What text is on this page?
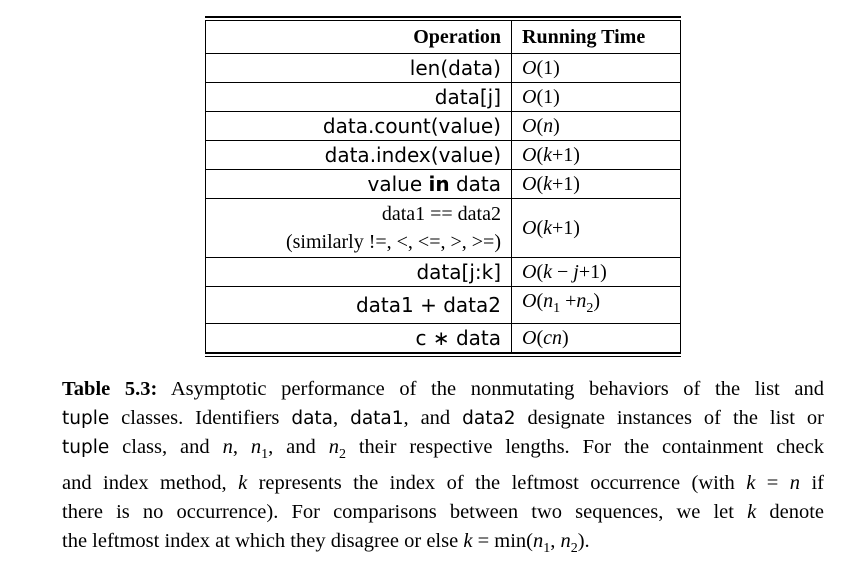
Operation	Running Time
len(data)	O(1)
data[j]	O(1)
data.count(value)	O(n)
data.index(value)	O(k+1)
value in data	O(k+1)

data1 == data2
(similarly !=, <, <=, >, >=)	O(k+1)
data[j:k]	O(k − j+1)
data1 + data2	$O(n_1 +n_2)$
c ∗ data	O(cn)
Table 5.3: Asymptotic performance of the nonmutating behaviors of the list and
tuple classes. Identifiers data, data1, and data2 designate instances of the list or
tuple class, and n, $n_1$, and $n_2$ their respective lengths. For the containment check
and index method, k represents the index of the leftmost occurrence (with k = n if
there is no occurrence). For comparisons between two sequences, we let k denote
the leftmost index at which they disagree or else $k = \min(n_1$, $n_2$).
